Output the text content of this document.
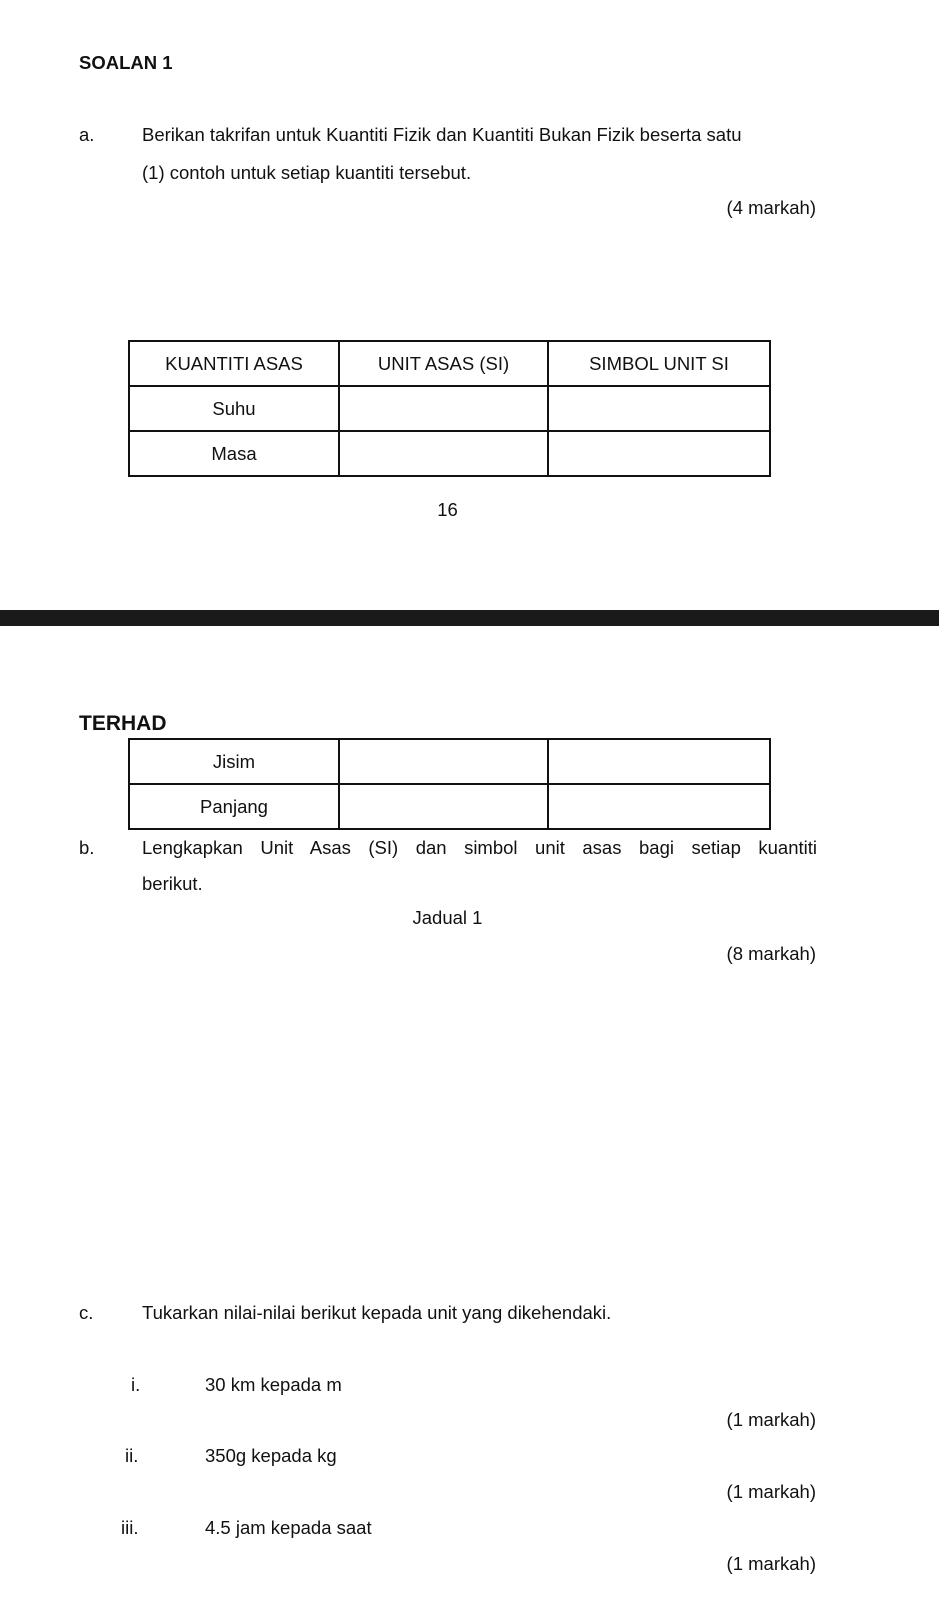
SOALAN 1
a.	Berikan takrifan untuk Kuantiti Fizik dan Kuantiti Bukan Fizik beserta satu
(1) contoh untuk setiap kuantiti tersebut.
(4 markah)
KUANTITI ASAS	UNIT ASAS (SI)	SIMBOL UNIT SI
Suhu		
Masa		
16
TERHAD
Jisim		
Panjang		
b.	Lengkapkan Unit Asas (SI) dan simbol unit asas bagi setiap kuantiti
berikut.
Jadual 1
(8 markah)
c.	Tukarkan nilai-nilai berikut kepada unit yang dikehendaki.
i.	30 km kepada m
(1 markah)
ii.	350g kepada kg
(1 markah)
iii.	4.5 jam kepada saat
(1 markah)
